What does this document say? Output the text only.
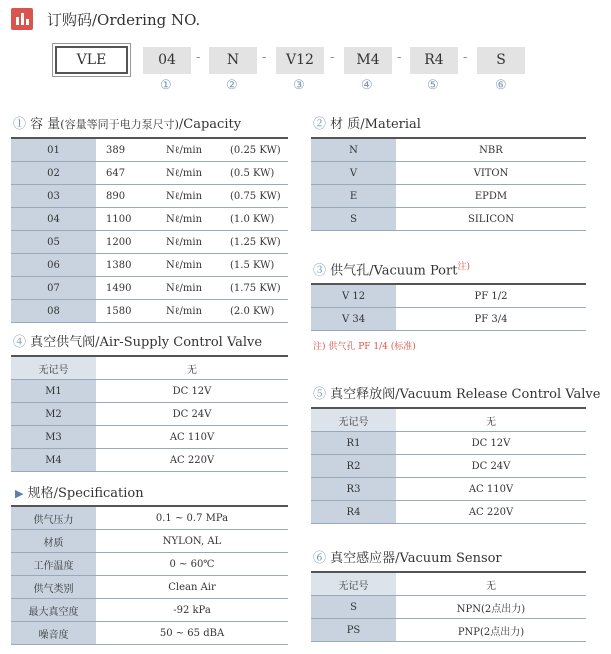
订购码/Ordering NO.
VLE	04	-	N	-	V12	-	M4	-	R4	-	S
①	②	③	④	⑤	⑥
① 容 量(容量等同于电力泵尺寸)/Capacity
01	389	Nℓ/min	(0.25 KW)
02	647	Nℓ/min	(0.5 KW)
03	890	Nℓ/min	(0.75 KW)
04	1100	Nℓ/min	(1.0 KW)
05	1200	Nℓ/min	(1.25 KW)
06	1380	Nℓ/min	(1.5 KW)
07	1490	Nℓ/min	(1.75 KW)
08	1580	Nℓ/min	(2.0 KW)
② 材 质/Material
N	NBR
V	VITON
E	EPDM
S	SILICON
③ 供气孔/Vacuum Port$^{注)}$
V 12	PF 1/2
V 34	PF 3/4
注) 供气孔 PF 1/4 (标准)
④ 真空供气阀/Air-Supply Control Valve
无记号	无
M1	DC 12V
M2	DC 24V
M3	AC 110V
M4	AC 220V
⑤ 真空释放阀/Vacuum Release Control Valve
无记号	无
R1	DC 12V
R2	DC 24V
R3	AC 110V
R4	AC 220V
▶ 规格/Specification
供气压力	0.1 ~ 0.7 MPa
材质	NYLON, AL
工作温度	0 ~ 60℃
供气类别	Clean Air
最大真空度	-92 kPa
噪音度	50 ~ 65 dBA
⑥ 真空感应器/Vacuum Sensor
无记号	无
S	NPN(2点出力)
PS	PNP(2点出力)
